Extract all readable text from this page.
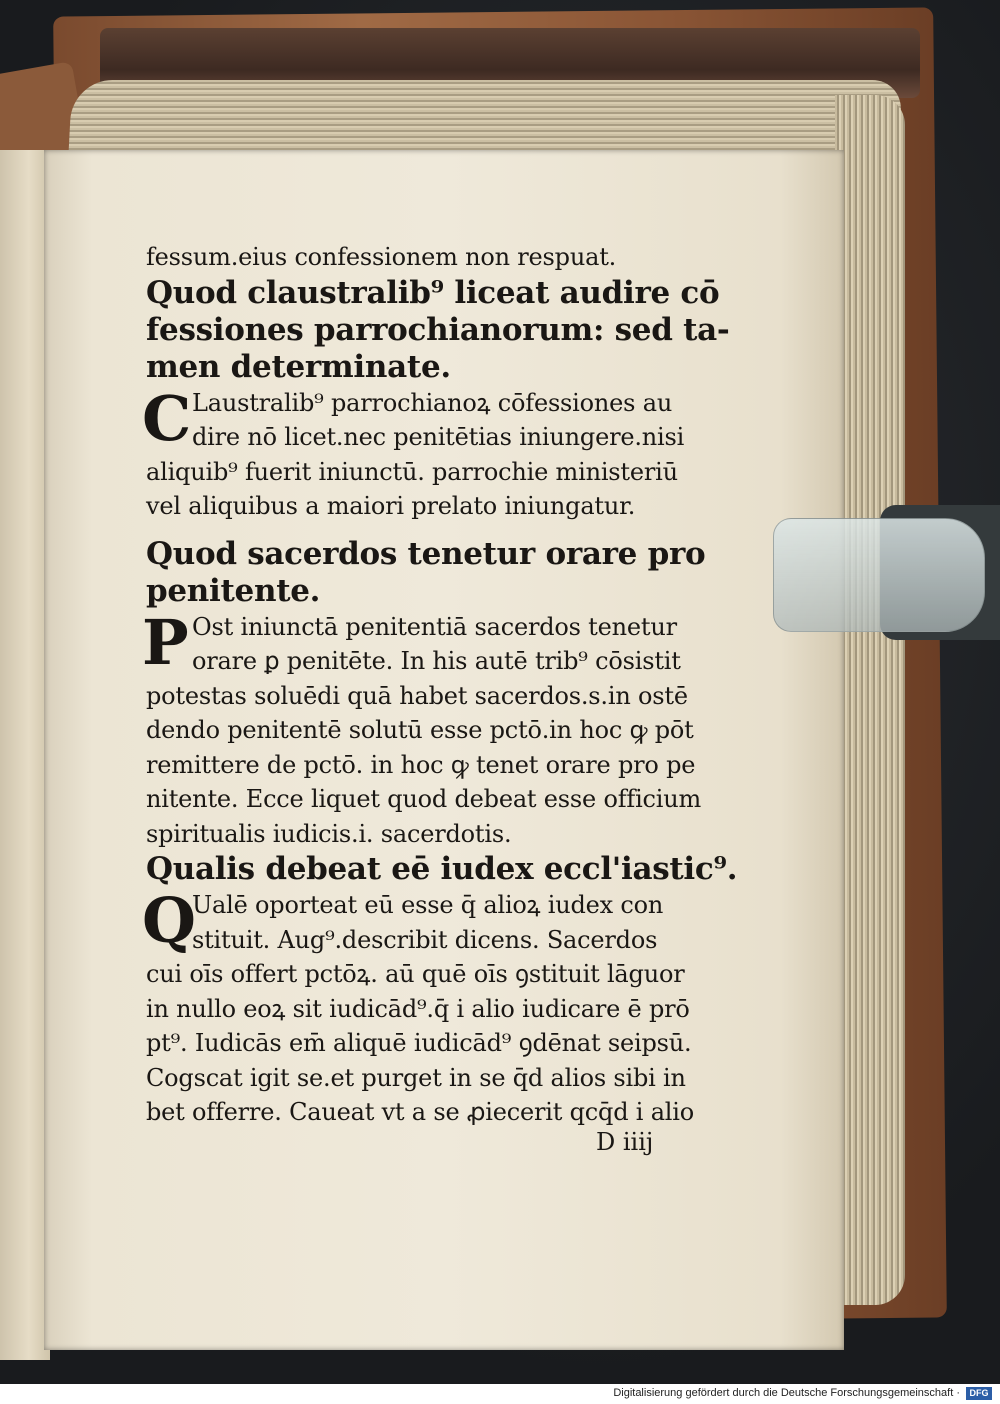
fessum.eius confessionem non respuat.
Quod claustralib⁹ liceat audire cō
fessiones parrochianorum: sed ta-
men determinate.
C Laustralib⁹ parrochianoꝝ cōfessiones au
dire nō licet.nec penitētias iniungere.nisi
aliquib⁹ fuerit iniunctū. parrochie ministeriū
vel aliquibus a maiori prelato iniungatur.
Quod sacerdos tenetur orare pro
penitente.
P Ost iniunctā penitentiā sacerdos tenetur
orare ꝑ penitēte. In his autē trib⁹ cōsistit
potestas soluēdi quā habet sacerdos.s.in ostē
dendo penitentē solutū esse pctō.in hoc ꝙ pōt
remittere de pctō. in hoc ꝙ tenet orare pro pe
nitente. Ecce liquet quod debeat esse officium
spiritualis iudicis.i. sacerdotis.
Qualis debeat eē iudex eccl'iastic⁹.
Q
Ualē oportеat eū esse q̄ alioꝝ iudex con
stituit. Aug⁹.describit dicens. Sacerdos
cui oīs offert pctōꝝ. aū quē oīs ꝯstituit lāguor
in nullo eoꝝ sit iudicād⁹.q̄ i alio iudicare ē prō
pt⁹. Iudicās em̄ aliquē iudicād⁹ ꝯdēnat seipsū.
Cogscat igit se.et purget in se q̄d alios sibi in
bet offerre. Caueat vt a se ꝓiecerit qcq̄d i alio
D iiij
Digitalisierung gefördert durch die Deutsche Forschungsgemeinschaft ·	DFG
